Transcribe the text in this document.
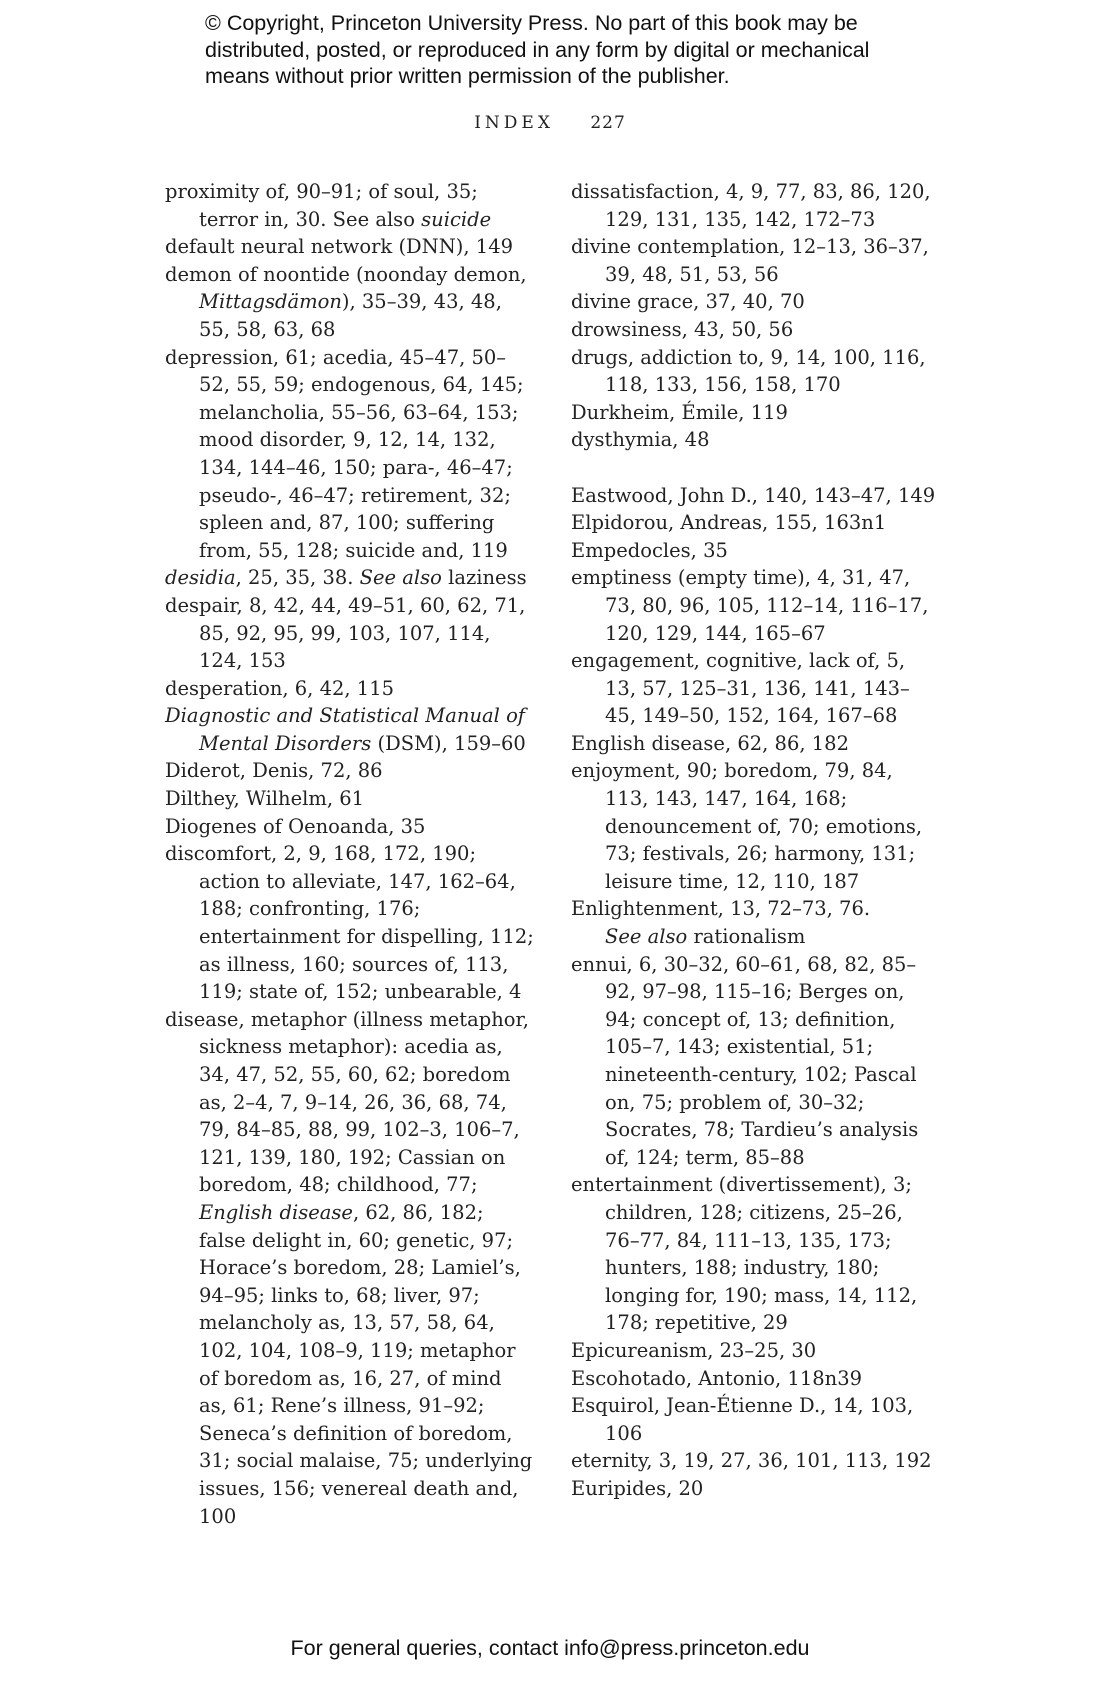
© Copyright, Princeton University Press. No part of this book may be distributed, posted, or reproduced in any form by digital or mechanical means without prior written permission of the publisher.

INDEX 227

proximity of, 90–91; of soul, 35; terror in, 30. See also suicide

default neural network (DNN), 149

demon of noontide (noonday demon, Mittagsdämon), 35–39, 43, 48, 55, 58, 63, 68

depression, 61; acedia, 45–47, 50–52, 55, 59; endogenous, 64, 145; melancholia, 55–56, 63–64, 153; mood disorder, 9, 12, 14, 132, 134, 144–46, 150; para-, 46–47; pseudo-, 46–47; retirement, 32; spleen and, 87, 100; suffering from, 55, 128; suicide and, 119

desidia, 25, 35, 38. See also laziness

despair, 8, 42, 44, 49–51, 60, 62, 71, 85, 92, 95, 99, 103, 107, 114, 124, 153

desperation, 6, 42, 115

Diagnostic and Statistical Manual of Mental Disorders (DSM), 159–60

Diderot, Denis, 72, 86

Dilthey, Wilhelm, 61

Diogenes of Oenoanda, 35

discomfort, 2, 9, 168, 172, 190; action to alleviate, 147, 162–64, 188; confronting, 176; entertainment for dispelling, 112; as illness, 160; sources of, 113, 119; state of, 152; unbearable, 4

disease, metaphor (illness metaphor, sickness metaphor): acedia as, 34, 47, 52, 55, 60, 62; boredom as, 2–4, 7, 9–14, 26, 36, 68, 74, 79, 84–85, 88, 99, 102–3, 106–7, 121, 139, 180, 192; Cassian on boredom, 48; childhood, 77; English disease, 62, 86, 182; false delight in, 60; genetic, 97; Horace’s boredom, 28; Lamiel’s, 94–95; links to, 68; liver, 97; melancholy as, 13, 57, 58, 64, 102, 104, 108–9, 119; metaphor of boredom as, 16, 27, of mind as, 61; Rene’s illness, 91–92; Seneca’s definition of boredom, 31; social malaise, 75; underlying issues, 156; venereal death and, 100

dissatisfaction, 4, 9, 77, 83, 86, 120, 129, 131, 135, 142, 172–73

divine contemplation, 12–13, 36–37, 39, 48, 51, 53, 56

divine grace, 37, 40, 70

drowsiness, 43, 50, 56

drugs, addiction to, 9, 14, 100, 116, 118, 133, 156, 158, 170

Durkheim, Émile, 119

dysthymia, 48

Eastwood, John D., 140, 143–47, 149

Elpidorou, Andreas, 155, 163n1

Empedocles, 35

emptiness (empty time), 4, 31, 47, 73, 80, 96, 105, 112–14, 116–17, 120, 129, 144, 165–67

engagement, cognitive, lack of, 5, 13, 57, 125–31, 136, 141, 143–45, 149–50, 152, 164, 167–68

English disease, 62, 86, 182

enjoyment, 90; boredom, 79, 84, 113, 143, 147, 164, 168; denouncement of, 70; emotions, 73; festivals, 26; harmony, 131; leisure time, 12, 110, 187

Enlightenment, 13, 72–73, 76.

See also rationalism

ennui, 6, 30–32, 60–61, 68, 82, 85–92, 97–98, 115–16; Berges on, 94; concept of, 13; definition, 105–7, 143; existential, 51; nineteenth-century, 102; Pascal on, 75; problem of, 30–32; Socrates, 78; Tardieu’s analysis of, 124; term, 85–88

entertainment (divertissement), 3; children, 128; citizens, 25–26, 76–77, 84, 111–13, 135, 173; hunters, 188; industry, 180; longing for, 190; mass, 14, 112, 178; repetitive, 29

Epicureanism, 23–25, 30

Escohotado, Antonio, 118n39

Esquirol, Jean-Étienne D., 14, 103, 106

eternity, 3, 19, 27, 36, 101, 113, 192

Euripides, 20

For general queries, contact info@press.princeton.edu
